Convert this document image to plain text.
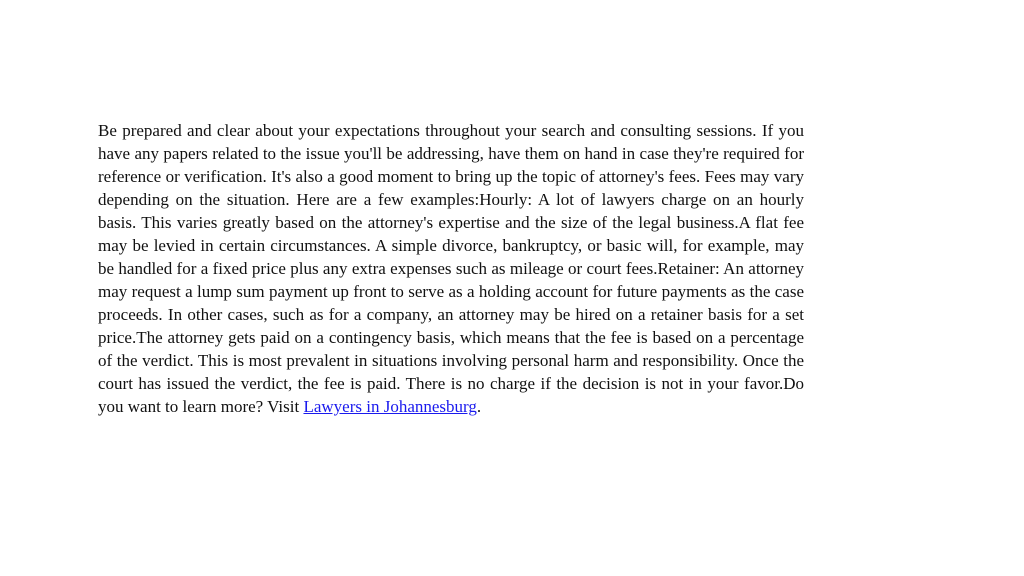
Be prepared and clear about your expectations throughout your search and consulting sessions. If you have any papers related to the issue you'll be addressing, have them on hand in case they're required for reference or verification. It's also a good moment to bring up the topic of attorney's fees. Fees may vary depending on the situation. Here are a few examples:Hourly: A lot of lawyers charge on an hourly basis. This varies greatly based on the attorney's expertise and the size of the legal business.A flat fee may be levied in certain circumstances. A simple divorce, bankruptcy, or basic will, for example, may be handled for a fixed price plus any extra expenses such as mileage or court fees.Retainer: An attorney may request a lump sum payment up front to serve as a holding account for future payments as the case proceeds. In other cases, such as for a company, an attorney may be hired on a retainer basis for a set price.The attorney gets paid on a contingency basis, which means that the fee is based on a percentage of the verdict. This is most prevalent in situations involving personal harm and responsibility. Once the court has issued the verdict, the fee is paid. There is no charge if the decision is not in your favor.Do you want to learn more? Visit Lawyers in Johannesburg.
